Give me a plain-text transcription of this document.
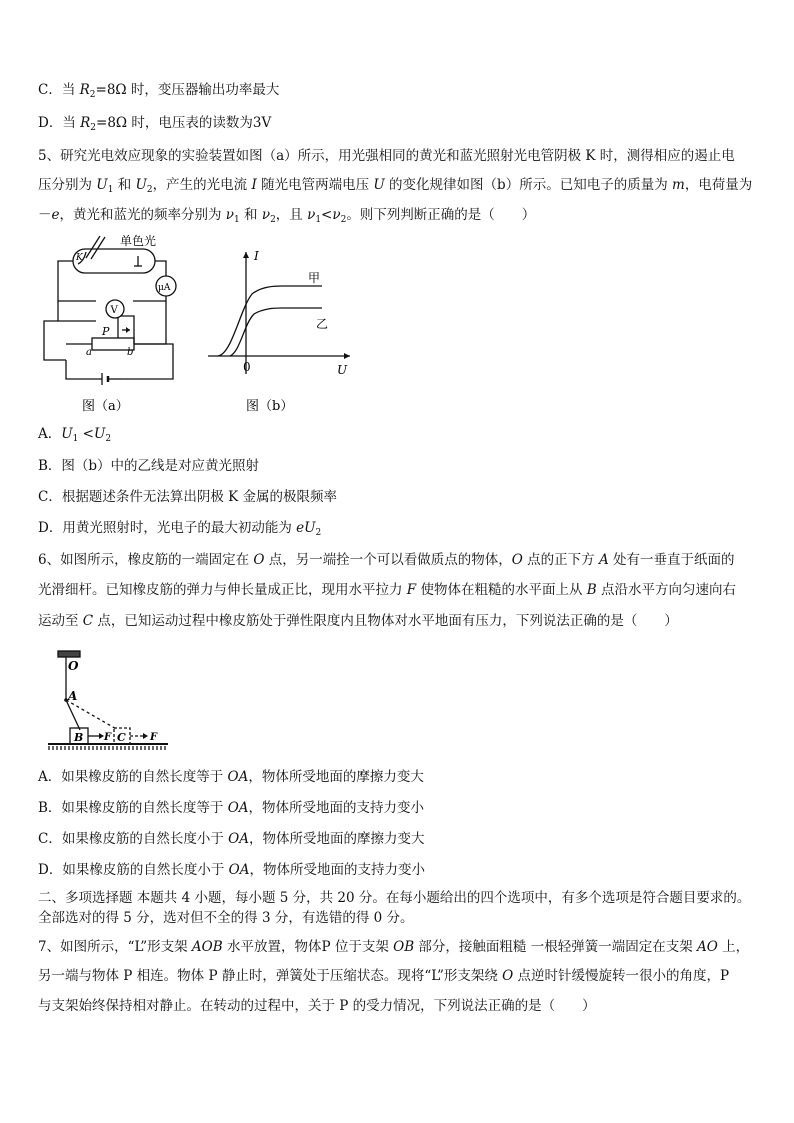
C．当 $R_2=8\Omega$ 时，变压器输出功率最大
D．当 $R_2=8\Omega$ 时，电压表的读数为3V
5、研究光电效应现象的实验装置如图（a）所示，用光强相同的黄光和蓝光照射光电管阴极 K 时，测得相应的遏止电
压分别为 $U_1$ 和 $U_2$，产生的光电流 I 随光电管两端电压 U 的变化规律如图（b）所示。已知电子的质量为 m，电荷量为
－e，黄光和蓝光的频率分别为 $\nu_1$ 和 $\nu_2$，且 $\nu_1<\nu_2$。则下列判断正确的是（　　）
单色光
K
V
μA
P
a	b
图（a）
I
U
0
甲
乙
图（b）
A．$U_1 <U_2$
B．图（b）中的乙线是对应黄光照射
C．根据题述条件无法算出阴极 K 金属的极限频率
D．用黄光照射时，光电子的最大初动能为 $eU_2$
6、如图所示，橡皮筋的一端固定在 O 点，另一端拴一个可以看做质点的物体，O 点的正下方 A 处有一垂直于纸面的
光滑细杆。已知橡皮筋的弹力与伸长量成正比，现用水平拉力 F 使物体在粗糙的水平面上从 B 点沿水平方向匀速向右
运动至 C 点，已知运动过程中橡皮筋处于弹性限度内且物体对水平地面有压力，下列说法正确的是（　　）
O
A
B	C
F	F
A．如果橡皮筋的自然长度等于 OA，物体所受地面的摩擦力变大
B．如果橡皮筋的自然长度等于 OA，物体所受地面的支持力变小
C．如果橡皮筋的自然长度小于 OA，物体所受地面的摩擦力变大
D．如果橡皮筋的自然长度小于 OA，物体所受地面的支持力变小
二、多项选择题 本题共 4 小题，每小题 5 分，共 20 分。在每小题给出的四个选项中，有多个选项是符合题目要求的。
全部选对的得 5 分，选对但不全的得 3 分，有选错的得 0 分。
7、如图所示，“L”形支架 AOB 水平放置，物体P 位于支架 OB 部分，接触面粗糙 一根轻弹簧一端固定在支架 AO 上，
另一端与物体 P 相连。物体 P 静止时，弹簧处于压缩状态。现将“L”形支架绕 O 点逆时针缓慢旋转一很小的角度，P
与支架始终保持相对静止。在转动的过程中，关于 P 的受力情况，下列说法正确的是（　　）
